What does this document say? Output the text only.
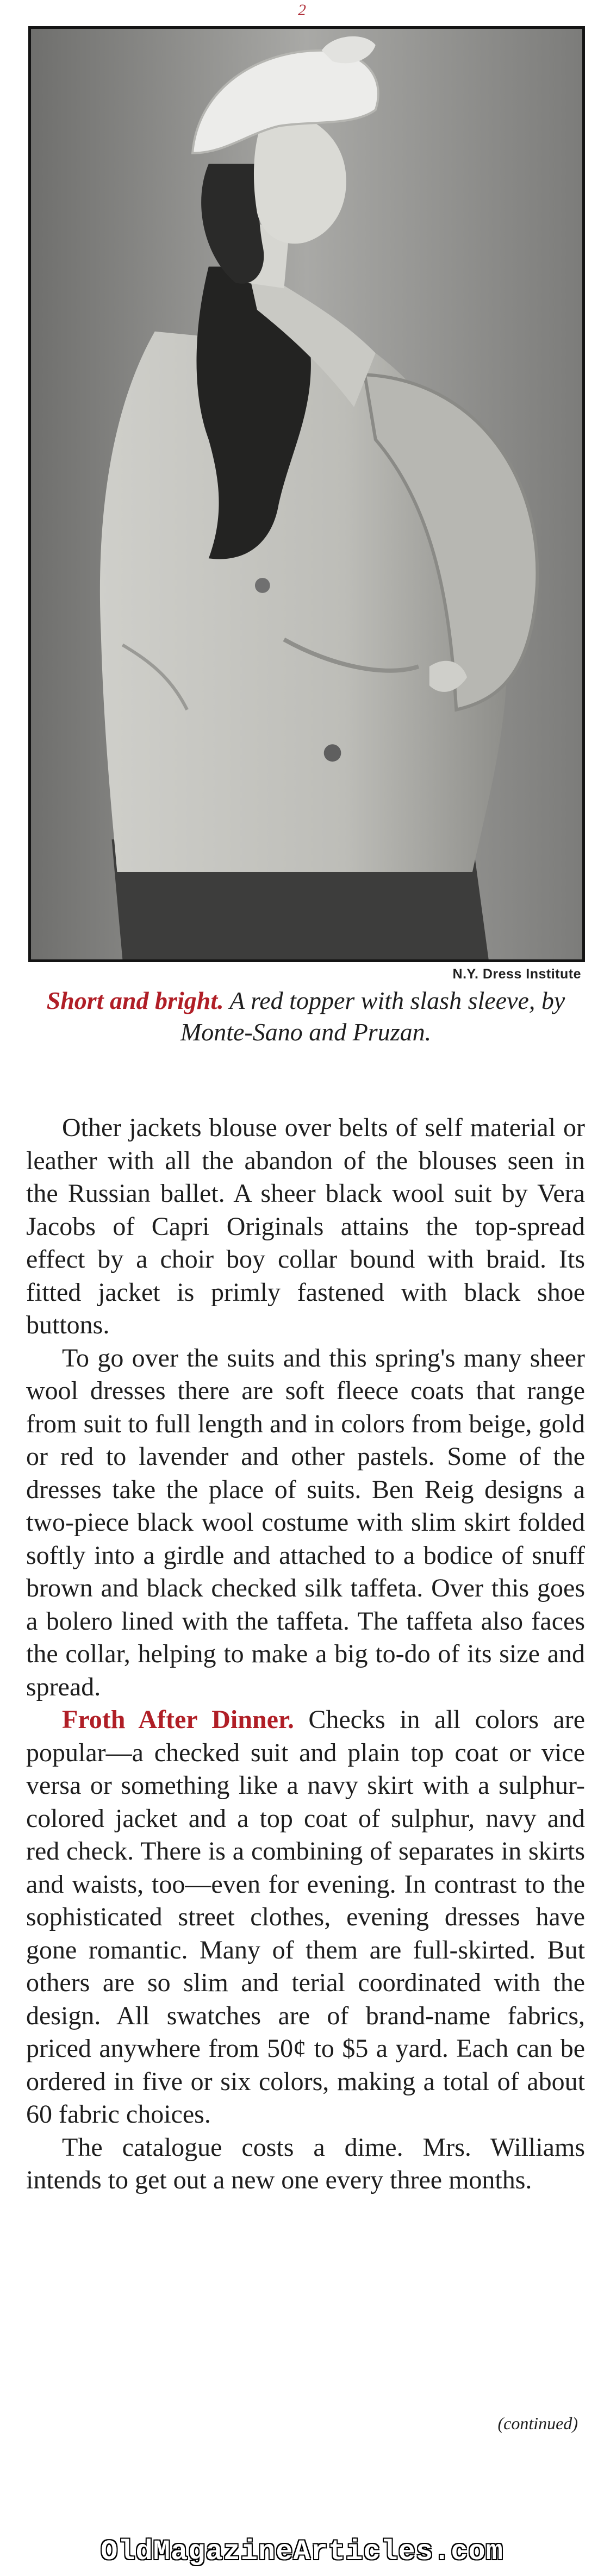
2
N.Y. Dress Institute
Short and bright. A red topper with slash sleeve, by Monte-Sano and Pruzan.

Other jackets blouse over belts of self material or leather with all the abandon of the blouses seen in the Russian ballet. A sheer black wool suit by Vera Jacobs of Capri Originals attains the top-spread effect by a choir boy collar bound with braid. Its fitted jacket is primly fastened with black shoe buttons.

To go over the suits and this spring's many sheer wool dresses there are soft fleece coats that range from suit to full length and in colors from beige, gold or red to lavender and other pastels. Some of the dresses take the place of suits. Ben Reig designs a two-piece black wool costume with slim skirt folded softly into a girdle and attached to a bodice of snuff brown and black checked silk taffeta. Over this goes a bolero lined with the taffeta. The taffeta also faces the collar, helping to make a big to-do of its size and spread.

Froth After Dinner. Checks in all colors are popular—a checked suit and plain top coat or vice versa or something like a navy skirt with a sulphur-colored jacket and a top coat of sulphur, navy and red check. There is a combining of separates in skirts and waists, too—even for evening. In contrast to the sophisticated street clothes, evening dresses have gone romantic. Many of them are full-skirted. But others are so slim and terial coordinated with the design. All swatches are of brand-name fabrics, priced anywhere from 50¢ to $5 a yard. Each can be ordered in five or six colors, making a total of about 60 fabric choices.

The catalogue costs a dime. Mrs. Williams intends to get out a new one every three months.

(continued)
OldMagazineArticles.com
